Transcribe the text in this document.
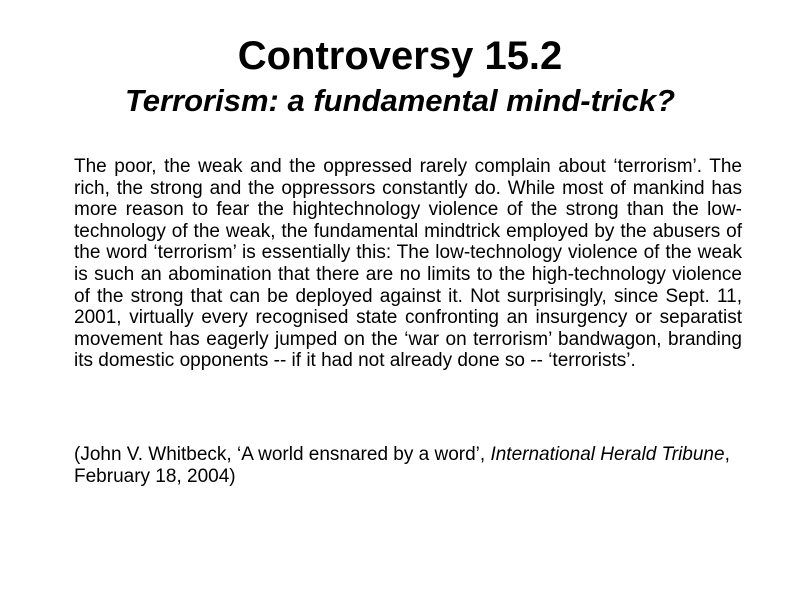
Controversy 15.2
Terrorism: a fundamental mind-trick?

The poor, the weak and the oppressed rarely complain about ‘terrorism’. The rich, the strong and the oppressors constantly do. While most of mankind has more reason to fear the hightechnology violence of the strong than the low-technology of the weak, the fundamental mindtrick employed by the abusers of the word ‘terrorism’ is essentially this: The low-technology violence of the weak is such an abomination that there are no limits to the high-technology violence of the strong that can be deployed against it. Not surprisingly, since Sept. 11, 2001, virtually every recognised state confronting an insurgency or separatist movement has eagerly jumped on the ‘war on terrorism’ bandwagon, branding its domestic opponents -- if it had not already done so -- ‘terrorists’.

(John V. Whitbeck, ‘A world ensnared by a word’, International Herald Tribune, February 18, 2004)
